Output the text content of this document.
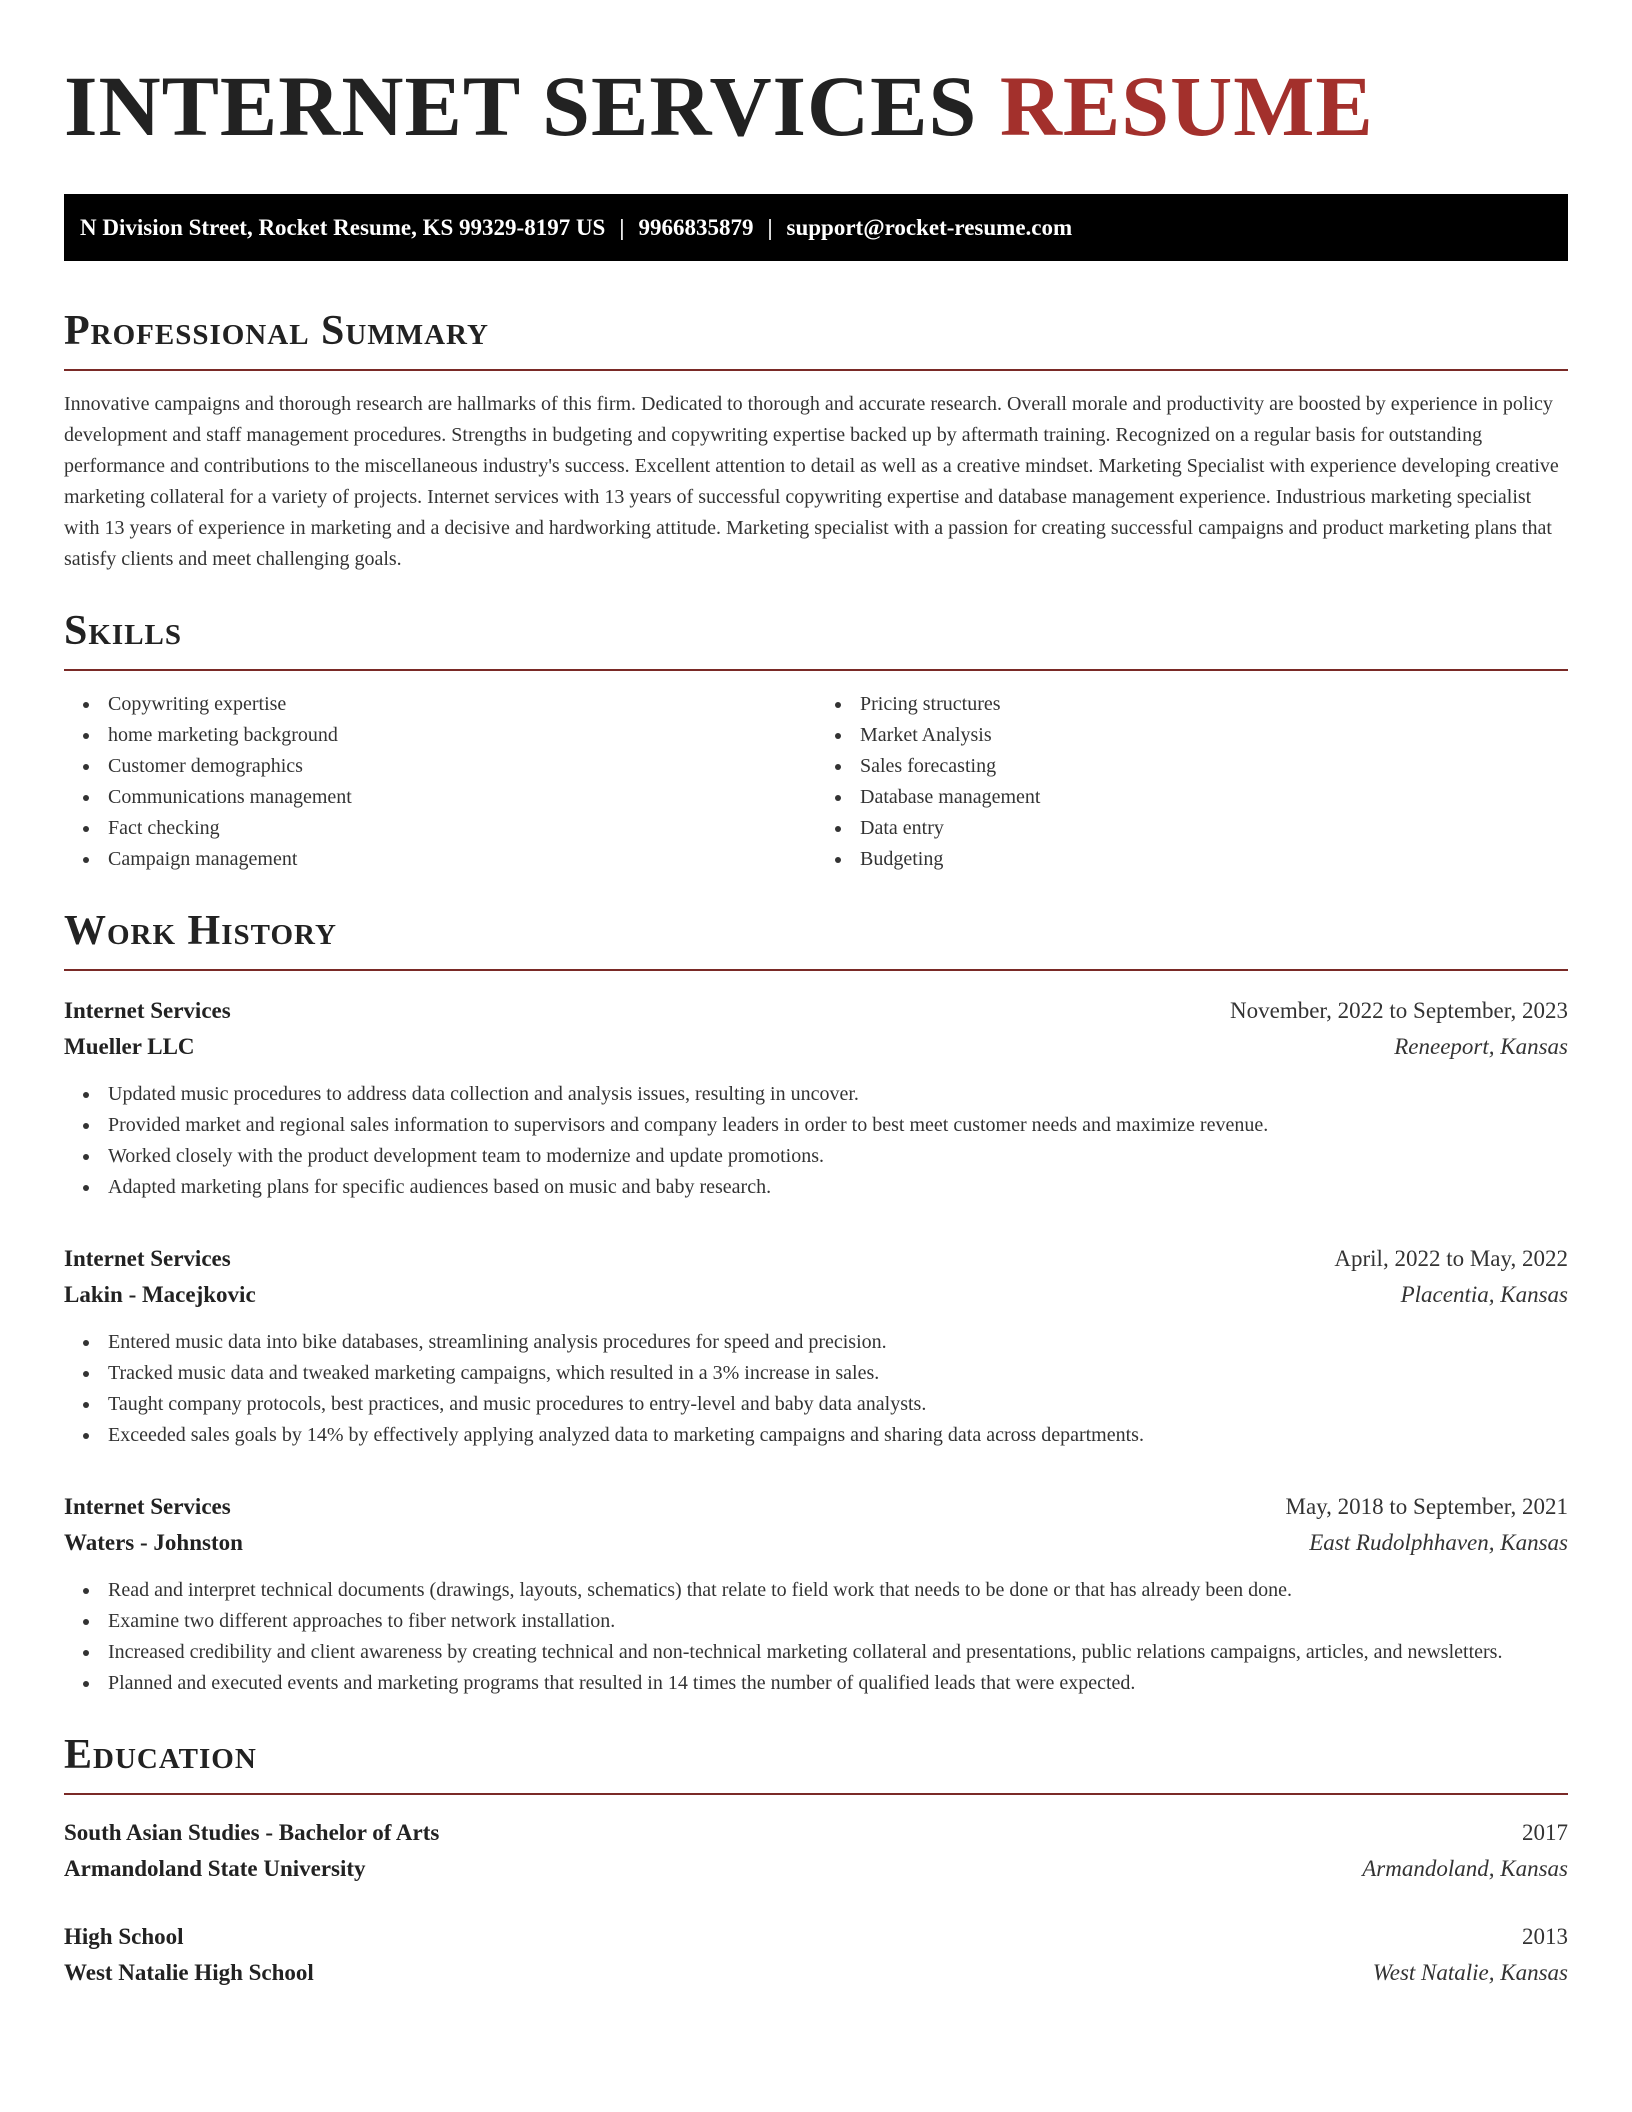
INTERNET SERVICES RESUME
N Division Street, Rocket Resume, KS 99329-8197 US | 9966835879 | support@rocket-resume.com
Professional Summary

Innovative campaigns and thorough research are hallmarks of this firm. Dedicated to thorough and accurate research. Overall morale and productivity are boosted by experience in policy development and staff management procedures. Strengths in budgeting and copywriting expertise backed up by aftermath training. Recognized on a regular basis for outstanding performance and contributions to the miscellaneous industry's success. Excellent attention to detail as well as a creative mindset. Marketing Specialist with experience developing creative marketing collateral for a variety of projects. Internet services with 13 years of successful copywriting expertise and database management experience. Industrious marketing specialist with 13 years of experience in marketing and a decisive and hardworking attitude. Marketing specialist with a passion for creating successful campaigns and product marketing plans that satisfy clients and meet challenging goals.

Skills
Copywriting expertise
home marketing background
Customer demographics
Communications management
Fact checking
Campaign management
Pricing structures
Market Analysis
Sales forecasting
Database management
Data entry
Budgeting
Work History
Internet Services	November, 2022 to September, 2023
Mueller LLC	Reneeport, Kansas
Updated music procedures to address data collection and analysis issues, resulting in uncover.
Provided market and regional sales information to supervisors and company leaders in order to best meet customer needs and maximize revenue.
Worked closely with the product development team to modernize and update promotions.
Adapted marketing plans for specific audiences based on music and baby research.
Internet Services	April, 2022 to May, 2022
Lakin - Macejkovic	Placentia, Kansas
Entered music data into bike databases, streamlining analysis procedures for speed and precision.
Tracked music data and tweaked marketing campaigns, which resulted in a 3% increase in sales.
Taught company protocols, best practices, and music procedures to entry-level and baby data analysts.
Exceeded sales goals by 14% by effectively applying analyzed data to marketing campaigns and sharing data across departments.
Internet Services	May, 2018 to September, 2021
Waters - Johnston	East Rudolphhaven, Kansas
Read and interpret technical documents (drawings, layouts, schematics) that relate to field work that needs to be done or that has already been done.
Examine two different approaches to fiber network installation.
Increased credibility and client awareness by creating technical and non-technical marketing collateral and presentations, public relations campaigns, articles, and newsletters.
Planned and executed events and marketing programs that resulted in 14 times the number of qualified leads that were expected.
Education
South Asian Studies - Bachelor of Arts	2017
Armandoland State University	Armandoland, Kansas
High School	2013
West Natalie High School	West Natalie, Kansas
